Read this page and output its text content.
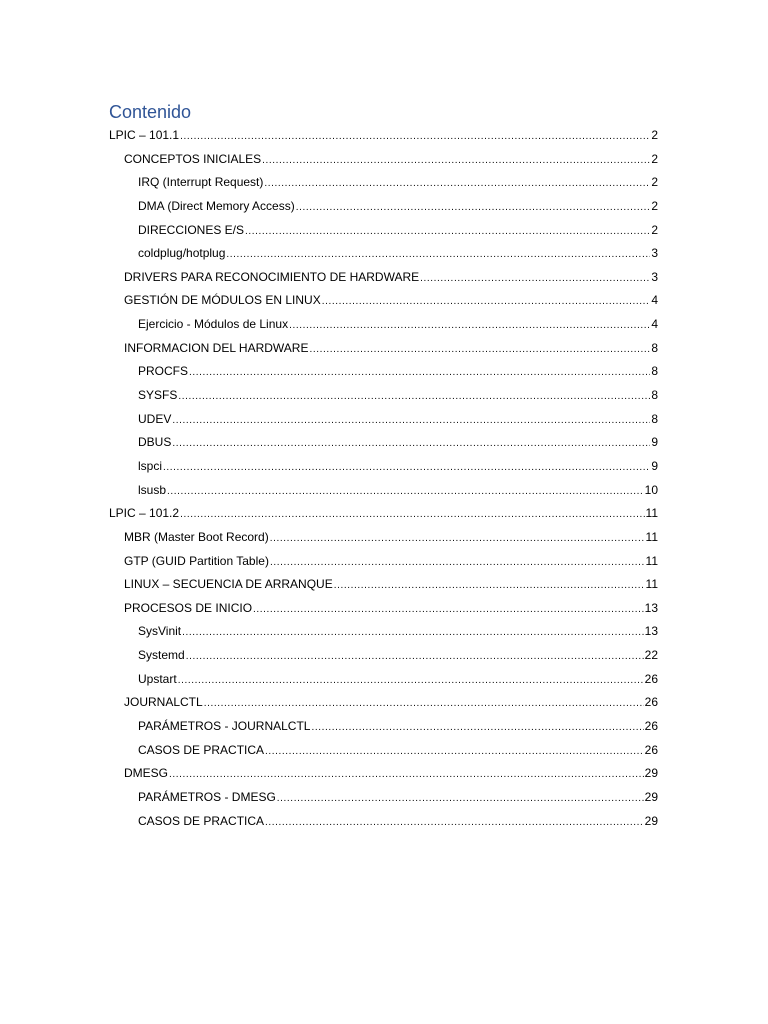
Contenido
LPIC – 101.1 .....	2
CONCEPTOS INICIALES .....	2
IRQ (Interrupt Request) .....	2
DMA (Direct Memory Access) .....	2
DIRECCIONES E/S .....	2
coldplug/hotplug .....	3
DRIVERS PARA RECONOCIMIENTO DE HARDWARE .....	3
GESTIÓN DE MÓDULOS EN LINUX .....	4
Ejercicio - Módulos de Linux .....	4
INFORMACION DEL HARDWARE .....	8
PROCFS .....	8
SYSFS .....	8
UDEV .....	8
DBUS .....	9
lspci .....	9
lsusb .....	10
LPIC – 101.2 .....	11
MBR (Master Boot Record) .....	11
GTP (GUID Partition Table) .....	11
LINUX – SECUENCIA DE ARRANQUE .....	11
PROCESOS DE INICIO .....	13
SysVinit .....	13
Systemd .....	22
Upstart .....	26
JOURNALCTL .....	26
PARÁMETROS - JOURNALCTL .....	26
CASOS DE PRACTICA .....	26
DMESG .....	29
PARÁMETROS - DMESG .....	29
CASOS DE PRACTICA .....	29
